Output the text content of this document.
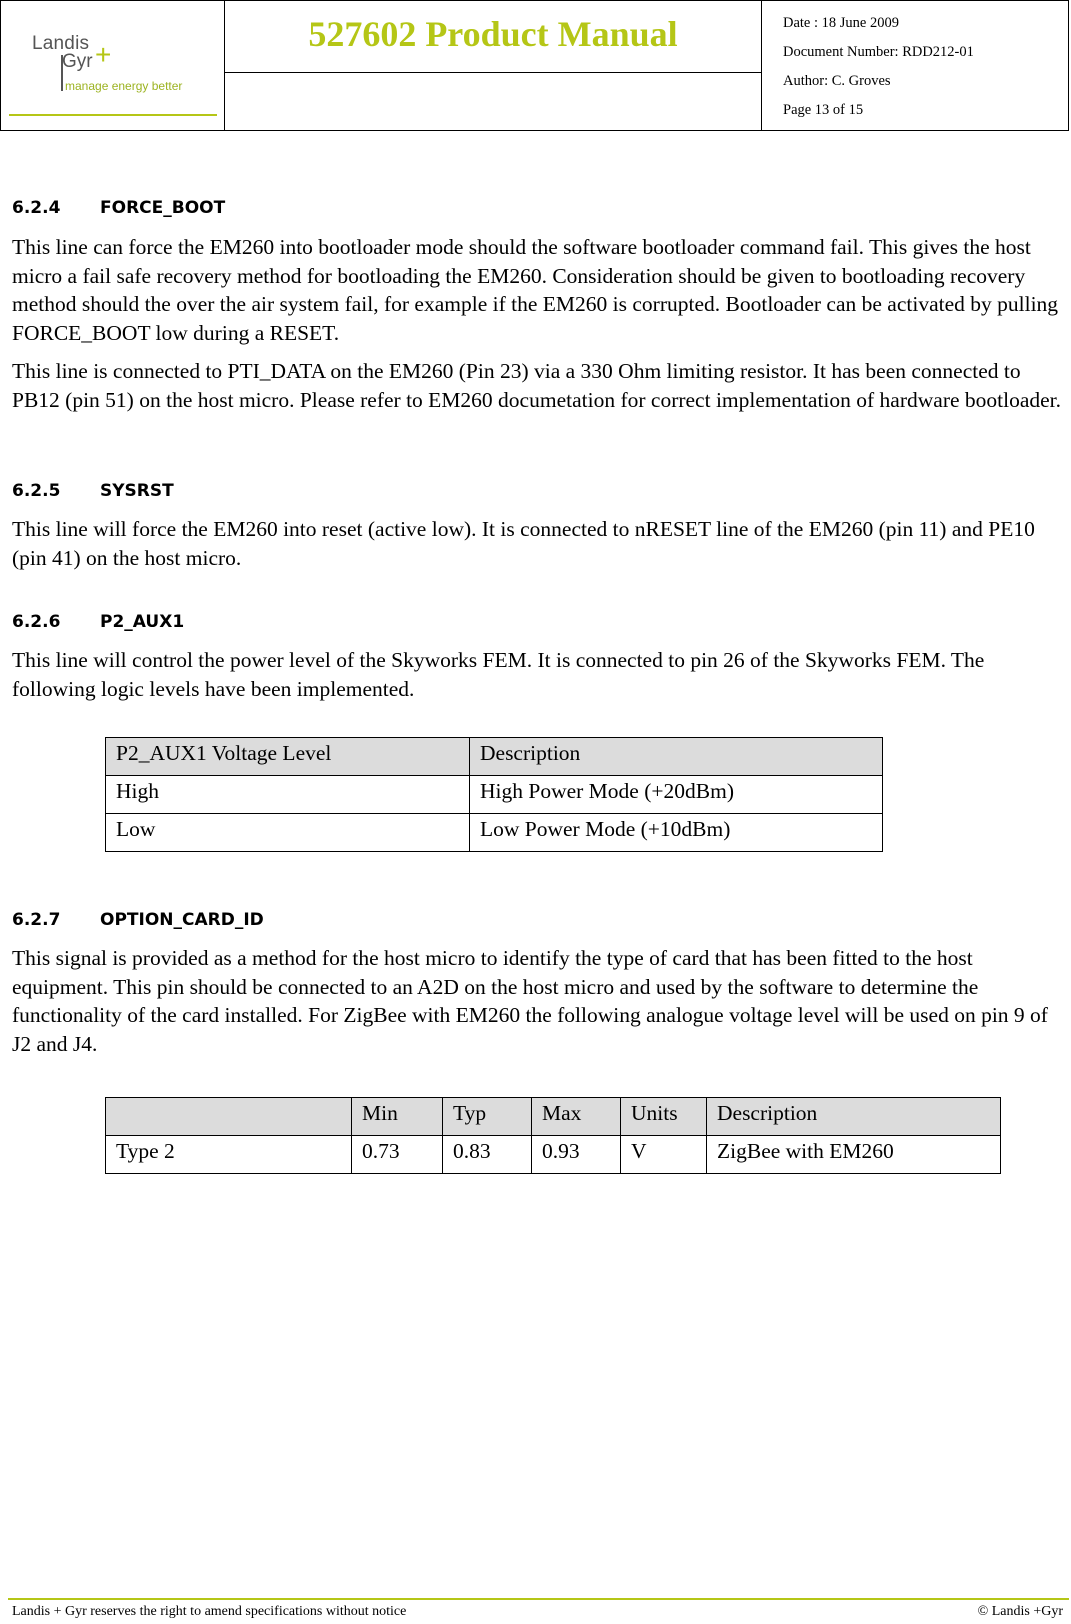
Landis +
Gyr
manage energy better
527602 Product Manual	Date : 18 June 2009
Document Number: RDD212-01
Author: C. Groves
Page 13 of 15
6.2.4 FORCE_BOOT

This line can force the EM260 into bootloader mode should the software bootloader command fail. This gives the host micro a fail safe recovery method for bootloading the EM260. Consideration should be given to bootloading recovery method should the over the air system fail, for example if the EM260 is corrupted. Bootloader can be activated by pulling FORCE_BOOT low during a RESET.

This line is connected to PTI_DATA on the EM260 (Pin 23) via a 330 Ohm limiting resistor. It has been connected to PB12 (pin 51) on the host micro. Please refer to EM260 documetation for correct implementation of hardware bootloader.

6.2.5 SYSRST

This line will force the EM260 into reset (active low). It is connected to nRESET line of the EM260 (pin 11) and PE10 (pin 41) on the host micro.

6.2.6 P2_AUX1

This line will control the power level of the Skyworks FEM. It is connected to pin 26 of the Skyworks FEM. The following logic levels have been implemented.

P2_AUX1 Voltage Level	Description
High	High Power Mode (+20dBm)
Low	Low Power Mode (+10dBm)
6.2.7 OPTION_CARD_ID

This signal is provided as a method for the host micro to identify the type of card that has been fitted to the host equipment. This pin should be connected to an A2D on the host micro and used by the software to determine the functionality of the card installed. For ZigBee with EM260 the following analogue voltage level will be used on pin 9 of J2 and J4.

	Min	Typ	Max	Units	Description
Type 2	0.73	0.83	0.93	V	ZigBee with EM260
Landis + Gyr reserves the right to amend specifications without notice	© Landis +Gyr
